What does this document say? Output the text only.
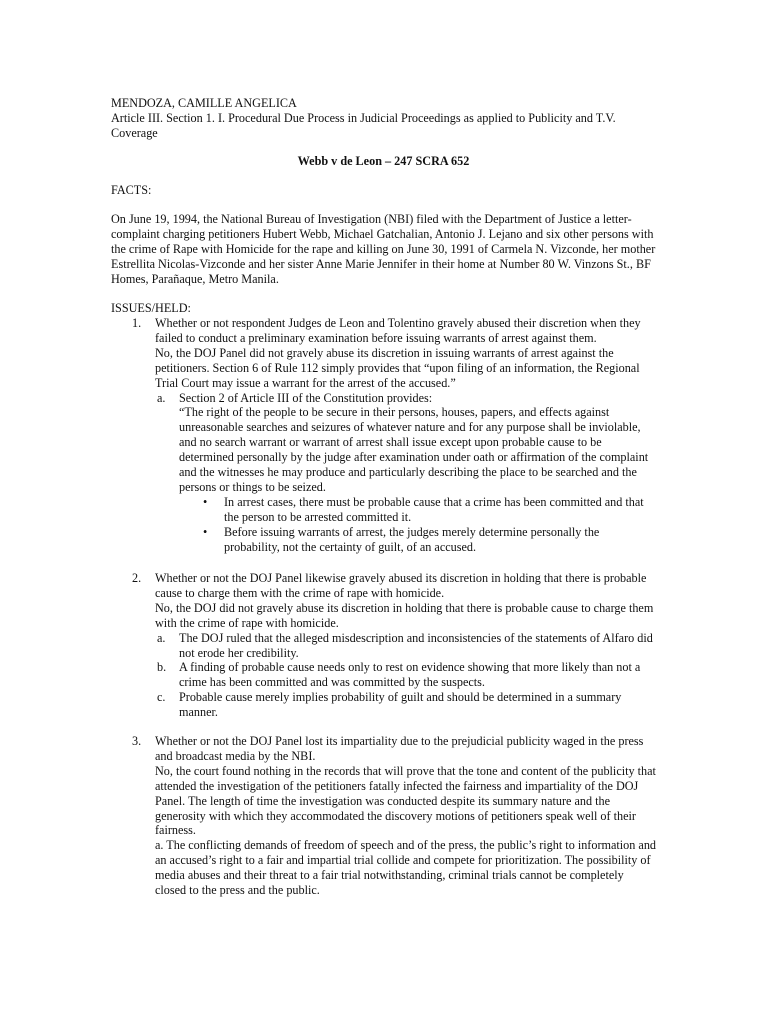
MENDOZA, CAMILLE ANGELICA

Article III. Section 1. I. Procedural Due Process in Judicial Proceedings as applied to Publicity and T.V. Coverage

Webb v de Leon – 247 SCRA 652

FACTS:

On June 19, 1994, the National Bureau of Investigation (NBI) filed with the Department of Justice a letter-complaint charging petitioners Hubert Webb, Michael Gatchalian, Antonio J. Lejano and six other persons with the crime of Rape with Homicide for the rape and killing on June 30, 1991 of Carmela N. Vizconde, her mother Estrellita Nicolas-Vizconde and her sister Anne Marie Jennifer in their home at Number 80 W. Vinzons St., BF Homes, Parañaque, Metro Manila.

ISSUES/HELD:

1. Whether or not respondent Judges de Leon and Tolentino gravely abused their discretion when they failed to conduct a preliminary examination before issuing warrants of arrest against them.

No, the DOJ Panel did not gravely abuse its discretion in issuing warrants of arrest against the petitioners. Section 6 of Rule 112 simply provides that “upon filing of an information, the Regional Trial Court may issue a warrant for the arrest of the accused.”

a. Section 2 of Article III of the Constitution provides:

“The right of the people to be secure in their persons, houses, papers, and effects against unreasonable searches and seizures of whatever nature and for any purpose shall be inviolable, and no search warrant or warrant of arrest shall issue except upon probable cause to be determined personally by the judge after examination under oath or affirmation of the complaint and the witnesses he may produce and particularly describing the place to be searched and the persons or things to be seized.

• In arrest cases, there must be probable cause that a crime has been committed and that the person to be arrested committed it.

• Before issuing warrants of arrest, the judges merely determine personally the probability, not the certainty of guilt, of an accused.

2. Whether or not the DOJ Panel likewise gravely abused its discretion in holding that there is probable cause to charge them with the crime of rape with homicide.

No, the DOJ did not gravely abuse its discretion in holding that there is probable cause to charge them with the crime of rape with homicide.

a. The DOJ ruled that the alleged misdescription and inconsistencies of the statements of Alfaro did not erode her credibility.

b. A finding of probable cause needs only to rest on evidence showing that more likely than not a crime has been committed and was committed by the suspects.

c. Probable cause merely implies probability of guilt and should be determined in a summary manner.

3. Whether or not the DOJ Panel lost its impartiality due to the prejudicial publicity waged in the press and broadcast media by the NBI.

No, the court found nothing in the records that will prove that the tone and content of the publicity that attended the investigation of the petitioners fatally infected the fairness and impartiality of the DOJ Panel. The length of time the investigation was conducted despite its summary nature and the generosity with which they accommodated the discovery motions of petitioners speak well of their fairness.

a. The conflicting demands of freedom of speech and of the press, the public’s right to information and an accused’s right to a fair and impartial trial collide and compete for prioritization. The possibility of media abuses and their threat to a fair trial notwithstanding, criminal trials cannot be completely closed to the press and the public.
